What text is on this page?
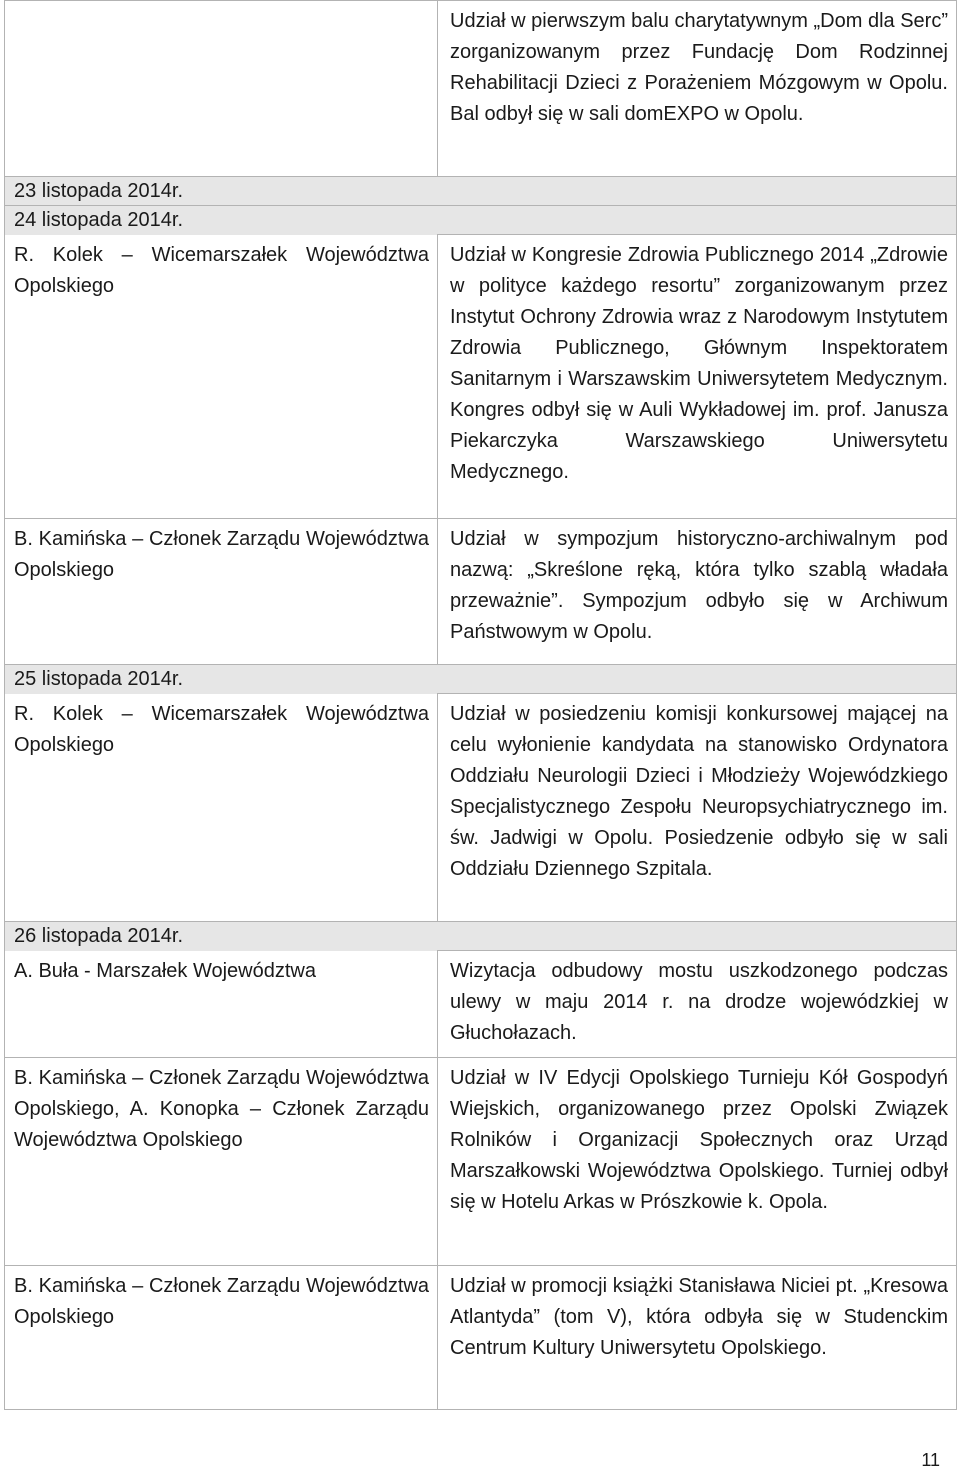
	Udział w pierwszym balu charytatywnym „Dom dla Serc” zorganizowanym przez Fundację Dom Rodzinnej Rehabilitacji Dzieci z Porażeniem Mózgowym w Opolu. Bal odbył się w sali domEXPO w Opolu.
23 listopada 2014r.	
24 listopada 2014r.	
R. Kolek – Wicemarszałek Województwa Opolskiego	Udział w Kongresie Zdrowia Publicznego 2014 „Zdrowie w polityce każdego resortu” zorganizowanym przez Instytut Ochrony Zdrowia wraz z Narodowym Instytutem Zdrowia Publicznego, Głównym Inspektoratem Sanitarnym i Warszawskim Uniwersytetem Medycznym. Kongres odbył się w Auli Wykładowej im. prof. Janusza Piekarczyka Warszawskiego Uniwersytetu Medycznego.
B. Kamińska – Członek Zarządu Województwa Opolskiego	Udział w sympozjum historyczno-archiwalnym pod nazwą: „Skreślone ręką, która tylko szablą władała przeważnie”. Sympozjum odbyło się w Archiwum Państwowym w Opolu.
25 listopada 2014r.	
R. Kolek – Wicemarszałek Województwa Opolskiego	Udział w posiedzeniu komisji konkursowej mającej na celu wyłonienie kandydata na stanowisko Ordynatora Oddziału Neurologii Dzieci i Młodzieży Wojewódzkiego Specjalistycznego Zespołu Neuropsychiatrycznego im. św. Jadwigi w Opolu. Posiedzenie odbyło się w sali Oddziału Dziennego Szpitala.
26 listopada 2014r.	
A. Buła - Marszałek Województwa	Wizytacja odbudowy mostu uszkodzonego podczas ulewy w maju 2014 r. na drodze wojewódzkiej w Głuchołazach.
B. Kamińska – Członek Zarządu Województwa Opolskiego, A. Konopka – Członek Zarządu Województwa Opolskiego	Udział w IV Edycji Opolskiego Turnieju Kół Gospodyń Wiejskich, organizowanego przez Opolski Związek Rolników i Organizacji Społecznych oraz Urząd Marszałkowski Województwa Opolskiego. Turniej odbył się w Hotelu Arkas w Prószkowie k. Opola.
B. Kamińska – Członek Zarządu Województwa Opolskiego	Udział w promocji książki Stanisława Niciei pt. „Kresowa Atlantyda” (tom V), która odbyła się w Studenckim Centrum Kultury Uniwersytetu Opolskiego.
11
